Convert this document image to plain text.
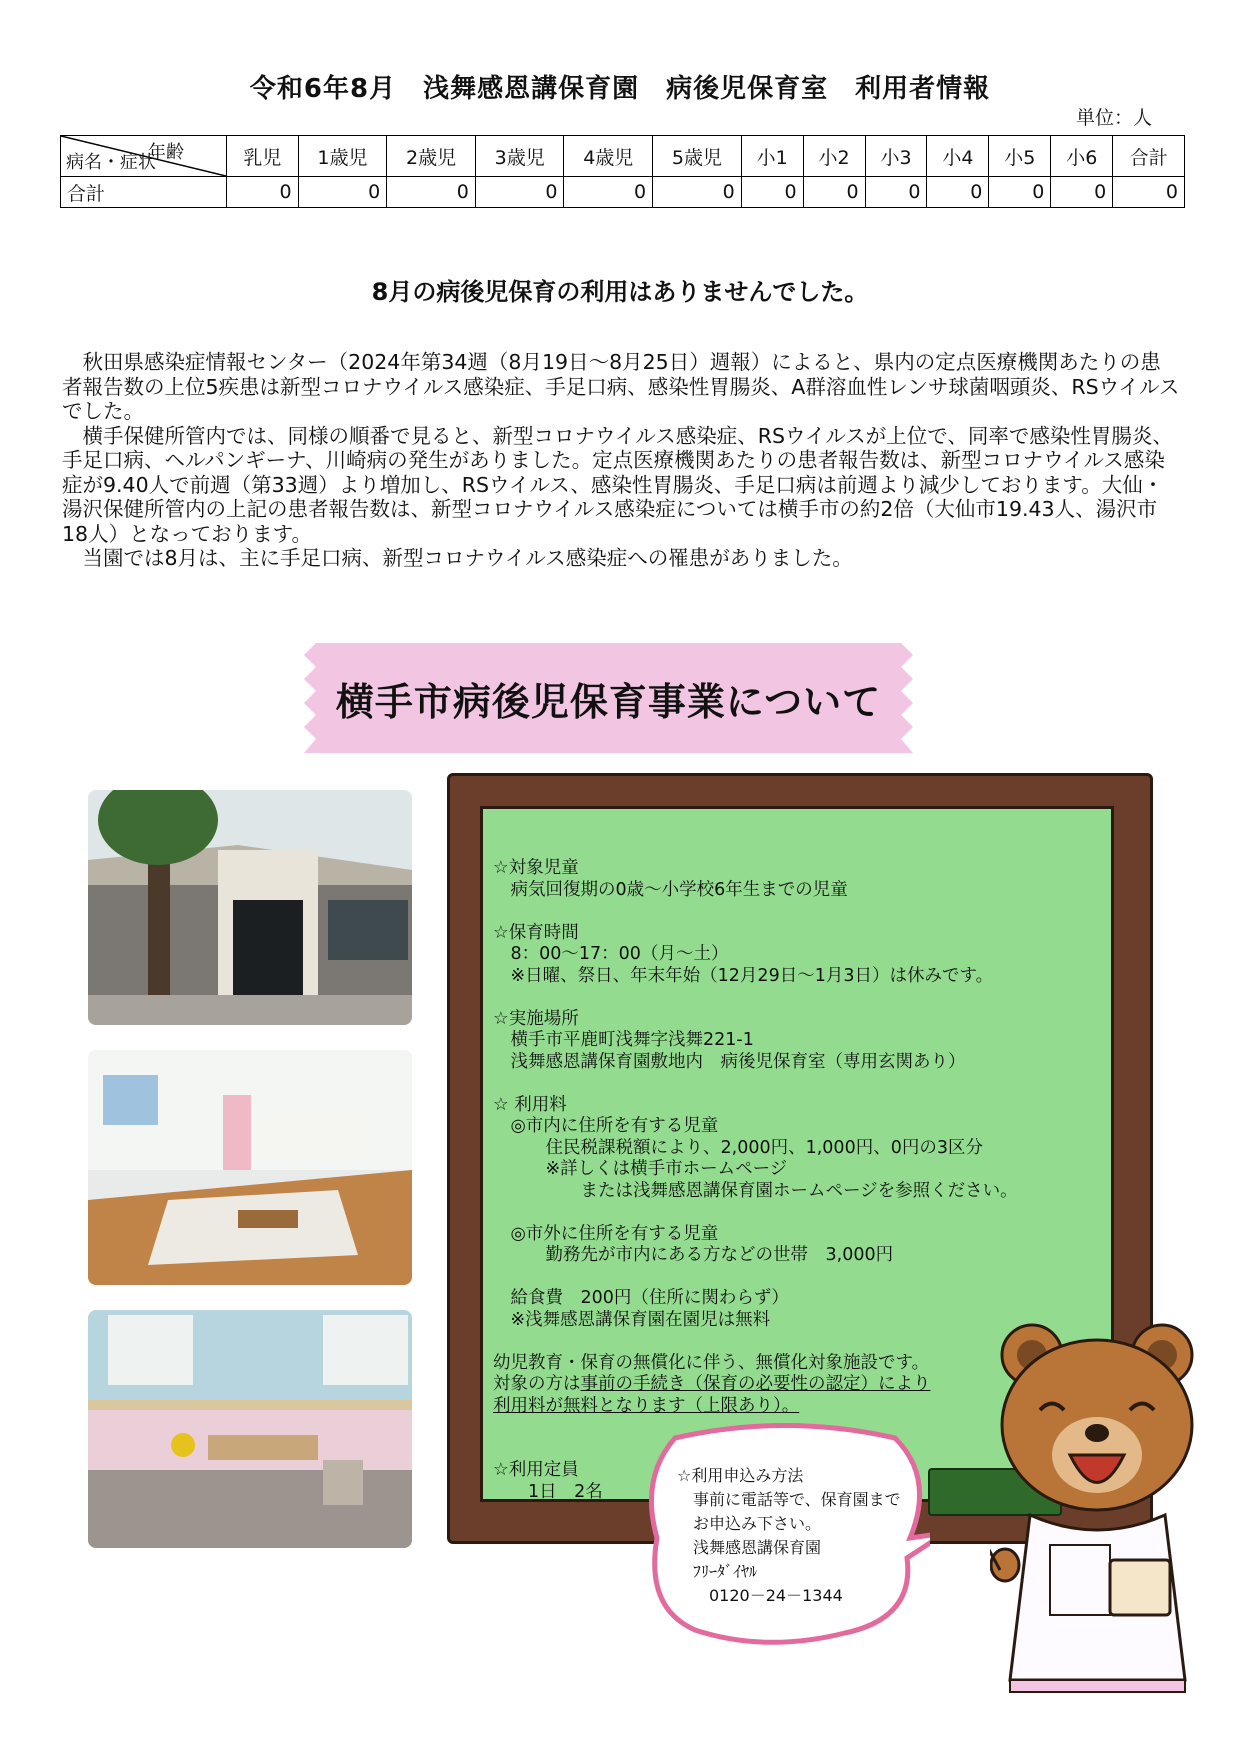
令和6年8月　浅舞感恩講保育園　病後児保育室　利用者情報
単位：人
年齢
病名・症状	乳児	1歳児	2歳児	3歳児	4歳児	5歳児	小1	小2	小3	小4	小5	小6	合計
合計	0	0	0	0	0	0	0	0	0	0	0	0	0
8月の病後児保育の利用はありませんでした。

秋田県感染症情報センター（2024年第34週（8月19日～8月25日）週報）によると、県内の定点医療機関あたりの患者報告数の上位5疾患は新型コロナウイルス感染症、手足口病、感染性胃腸炎、A群溶血性レンサ球菌咽頭炎、RSウイルスでした。

横手保健所管内では、同様の順番で見ると、新型コロナウイルス感染症、RSウイルスが上位で、同率で感染性胃腸炎、手足口病、ヘルパンギーナ、川崎病の発生がありました。定点医療機関あたりの患者報告数は、新型コロナウイルス感染症が9.40人で前週（第33週）より増加し、RSウイルス、感染性胃腸炎、手足口病は前週より減少しております。大仙・湯沢保健所管内の上記の患者報告数は、新型コロナウイルス感染症については横手市の約2倍（大仙市19.43人、湯沢市18人）となっております。

当園では8月は、主に手足口病、新型コロナウイルス感染症への罹患がありました。

横手市病後児保育事業について
☆対象児童
　病気回復期の0歳～小学校6年生までの児童
☆保育時間
　8：00～17：00（月～土）
　※日曜、祭日、年末年始（12月29日～1月3日）は休みです。
☆実施場所
　横手市平鹿町浅舞字浅舞221-1
　浅舞感恩講保育園敷地内　病後児保育室（専用玄関あり）
☆ 利用料
　◎市内に住所を有する児童
　　　住民税課税額により、2,000円、1,000円、0円の3区分
　　　※詳しくは横手市ホームページ
　　　　　または浅舞感恩講保育園ホームページを参照ください。

　◎市外に住所を有する児童
　　　勤務先が市内にある方などの世帯　3,000円

　給食費　200円（住所に関わらず）
　※浅舞感恩講保育園在園児は無料
幼児教育・保育の無償化に伴う、無償化対象施設です。
対象の方は事前の手続き（保育の必要性の認定）により
利用料が無料となります（上限あり）。

☆利用定員
　　1日　2名
☆利用申込み方法
　事前に電話等で、保育園まで
　お申込み下さい。
　浅舞感恩講保育園
　ﾌﾘｰﾀﾞｲﾔﾙ
　　0120－24－1344
